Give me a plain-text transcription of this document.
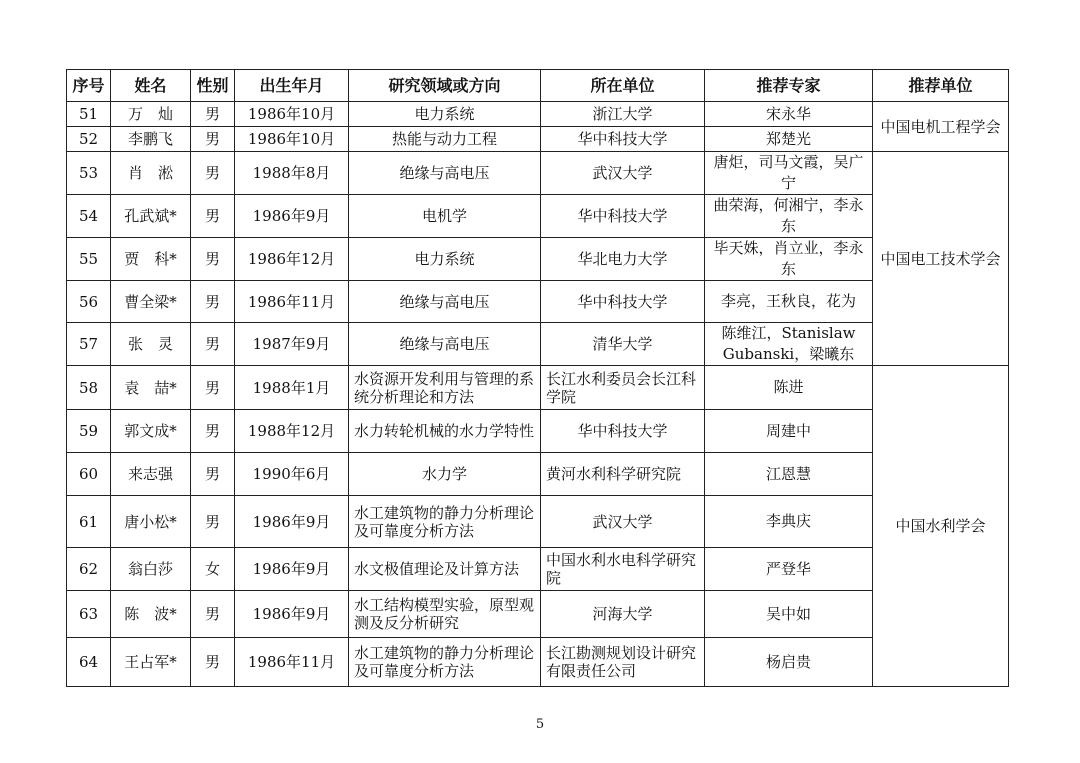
序号	姓名	性别	出生年月	研究领域或方向	所在单位	推荐专家	推荐单位
51	万　灿	男	1986年10月	电力系统	浙江大学	宋永华	中国电机工程学会
52	李鹏飞	男	1986年10月	热能与动力工程	华中科技大学	郑楚光	
53	肖　淞	男	1988年8月	绝缘与高电压	武汉大学	唐炬，司马文霞，吴广宁	中国电工技术学会
54	孔武斌*	男	1986年9月	电机学	华中科技大学	曲荣海，何湘宁，李永东	
55	贾　科*	男	1986年12月	电力系统	华北电力大学	毕天姝，肖立业，李永东	
56	曹全梁*	男	1986年11月	绝缘与高电压	华中科技大学	李亮，王秋良，花为	
57	张　灵	男	1987年9月	绝缘与高电压	清华大学	陈维江，Stanislaw Gubanski，梁曦东	
58	袁　喆*	男	1988年1月	水资源开发利用与管理的系统分析理论和方法	长江水利委员会长江科学院	陈进	中国水利学会
59	郭文成*	男	1988年12月	水力转轮机械的水力学特性	华中科技大学	周建中	
60	来志强	男	1990年6月	水力学	黄河水利科学研究院	江恩慧	
61	唐小松*	男	1986年9月	水工建筑物的静力分析理论及可靠度分析方法	武汉大学	李典庆	
62	翁白莎	女	1986年9月	水文极值理论及计算方法	中国水利水电科学研究院	严登华	
63	陈　波*	男	1986年9月	水工结构模型实验，原型观测及反分析研究	河海大学	吴中如	
64	王占军*	男	1986年11月	水工建筑物的静力分析理论及可靠度分析方法	长江勘测规划设计研究有限责任公司	杨启贵	
5
